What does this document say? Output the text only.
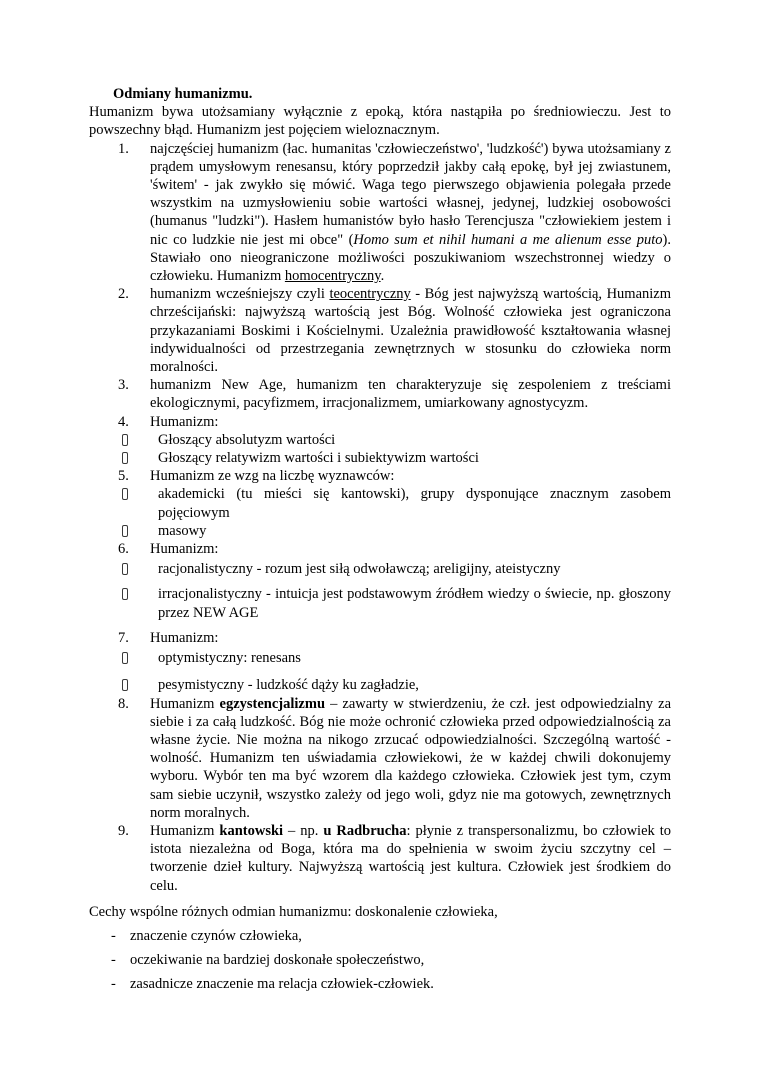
Odmiany humanizmu.

Humanizm bywa utożsamiany wyłącznie z epoką, która nastąpiła po średniowieczu. Jest to powszechny błąd. Humanizm jest pojęciem wieloznacznym.

1. najczęściej humanizm (łac. humanitas 'człowieczeństwo', 'ludzkość') bywa utożsamiany z prądem umysłowym renesansu, który poprzedził jakby całą epokę, był jej zwiastunem, 'świtem' - jak zwykło się mówić. Waga tego pierwszego objawienia polegała przede wszystkim na uzmysłowieniu sobie wartości własnej, jedynej, ludzkiej osobowości (humanus "ludzki"). Hasłem humanistów było hasło Terencjusza "człowiekiem jestem i nic co ludzkie nie jest mi obce" (Homo sum et nihil humani a me alienum esse puto). Stawiało ono nieograniczone możliwości poszukiwaniom wszechstronnej wiedzy o człowieku. Humanizm homocentryczny.
2. humanizm wcześniejszy czyli teocentryczny - Bóg jest najwyższą wartością, Humanizm chrześcijański: najwyższą wartością jest Bóg. Wolność człowieka jest ograniczona przykazaniami Boskimi i Kościelnymi. Uzależnia prawidłowość kształtowania własnej indywidualności od przestrzegania zewnętrznych w stosunku do człowieka norm moralności.
3. humanizm New Age, humanizm ten charakteryzuje się zespoleniem z treściami ekologicznymi, pacyfizmem, irracjonalizmem, umiarkowany agnostycyzm.
4. Humanizm:
Głoszący absolutyzm wartości
Głoszący relatywizm wartości i subiektywizm wartości
5. Humanizm ze wzg na liczbę wyznawców:
akademicki (tu mieści się kantowski), grupy dysponujące znacznym zasobem pojęciowym
masowy
6. Humanizm:
racjonalistyczny - rozum jest siłą odwoławczą; areligijny, ateistyczny
irracjonalistyczny - intuicja jest podstawowym źródłem wiedzy o świecie, np. głoszony przez NEW AGE
7. Humanizm:
optymistyczny: renesans
pesymistyczny - ludzkość dąży ku zagładzie,
8. Humanizm egzystencjalizmu – zawarty w stwierdzeniu, że czł. jest odpowiedzialny za siebie i za całą ludzkość. Bóg nie może ochronić człowieka przed odpowiedzialnością za własne życie. Nie można na nikogo zrzucać odpowiedzialności. Szczególną wartość - wolność. Humanizm ten uświadamia człowiekowi, że w każdej chwili dokonujemy wyboru. Wybór ten ma być wzorem dla każdego człowieka. Człowiek jest tym, czym sam siebie uczynił, wszystko zależy od jego woli, gdyz nie ma gotowych, zewnętrznych norm moralnych.
9. Humanizm kantowski – np. u Radbrucha: płynie z transpersonalizmu, bo człowiek to istota niezależna od Boga, która ma do spełnienia w swoim życiu szczytny cel – tworzenie dzieł kultury. Najwyższą wartością jest kultura. Człowiek jest środkiem do celu.

Cechy wspólne różnych odmian humanizmu: doskonalenie człowieka,

- znaczenie czynów człowieka,
- oczekiwanie na bardziej doskonałe społeczeństwo,
- zasadnicze znaczenie ma relacja człowiek-człowiek.
